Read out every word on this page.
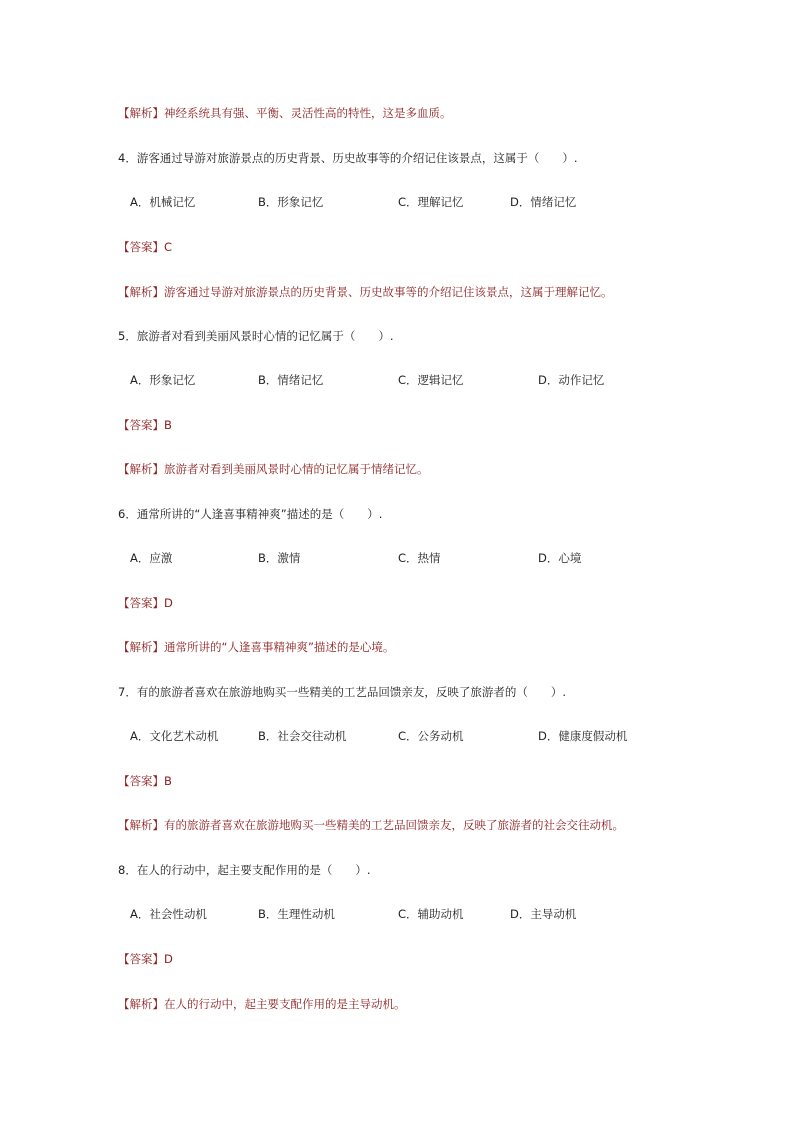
【解析】神经系统具有强、平衡、灵活性高的特性，这是多血质。
4．游客通过导游对旅游景点的历史背景、历史故事等的介绍记住该景点，这属于（　　）.
A．机械记忆	B．形象记忆	C．理解记忆	D．情绪记忆
【答案】C
【解析】游客通过导游对旅游景点的历史背景、历史故事等的介绍记住该景点，这属于理解记忆。
5．旅游者对看到美丽风景时心情的记忆属于（　　）.
A．形象记忆	B．情绪记忆	C．逻辑记忆	D．动作记忆
【答案】B
【解析】旅游者对看到美丽风景时心情的记忆属于情绪记忆。
6．通常所讲的“人逢喜事精神爽”描述的是（　　）.
A．应激	B．激情	C．热情	D．心境
【答案】D
【解析】通常所讲的“人逢喜事精神爽”描述的是心境。
7．有的旅游者喜欢在旅游地购买一些精美的工艺品回馈亲友，反映了旅游者的（　　）.
A．文化艺术动机	B．社会交往动机	C．公务动机	D．健康度假动机
【答案】B
【解析】有的旅游者喜欢在旅游地购买一些精美的工艺品回馈亲友，反映了旅游者的社会交往动机。
8．在人的行动中，起主要支配作用的是（　　）.
A．社会性动机	B．生理性动机	C．辅助动机	D．主导动机
【答案】D
【解析】在人的行动中，起主要支配作用的是主导动机。
